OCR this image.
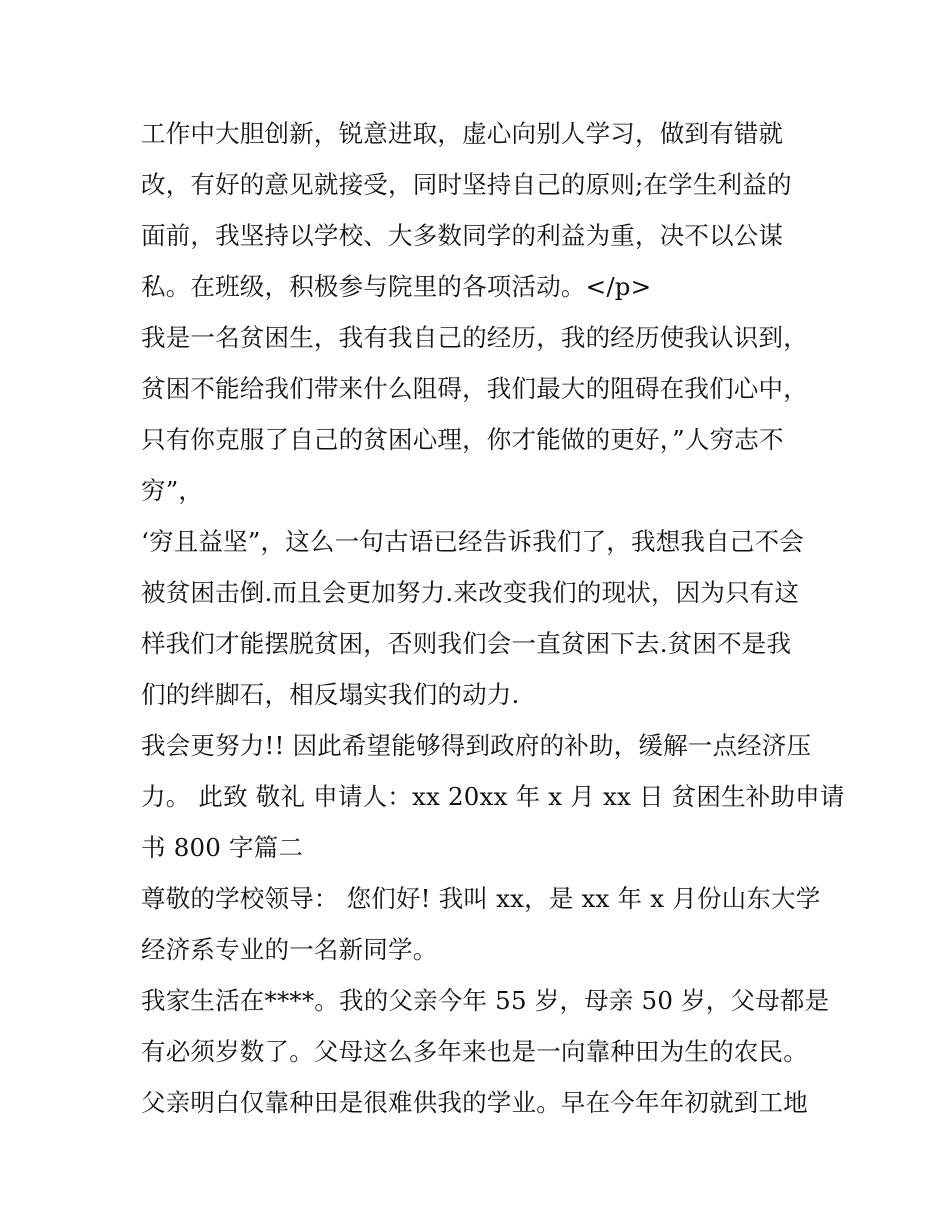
工作中大胆创新，锐意进取，虚心向别人学习，做到有错就
改，有好的意见就接受，同时坚持自己的原则;在学生利益的
面前，我坚持以学校、大多数同学的利益为重，决不以公谋
私。在班级，积极参与院里的各项活动。</p>
我是一名贫困生，我有我自己的经历，我的经历使我认识到，
贫困不能给我们带来什么阻碍，我们最大的阻碍在我们心中，
只有你克服了自己的贫困心理，你才能做的更好，”人穷志不
穷”，
‘穷且益坚”，这么一句古语已经告诉我们了，我想我自己不会
被贫困击倒.而且会更加努力.来改变我们的现状，因为只有这
样我们才能摆脱贫困，否则我们会一直贫困下去.贫困不是我
们的绊脚石，相反塌实我们的动力.
我会更努力!! 因此希望能够得到政府的补助，缓解一点经济压
力。 此致 敬礼 申请人：xx 20xx 年 x 月 xx 日 贫困生补助申请
书 800 字篇二
尊敬的学校领导： 您们好! 我叫 xx，是 xx 年 x 月份山东大学
经济系专业的一名新同学。
我家生活在****。我的父亲今年 55 岁，母亲 50 岁，父母都是
有必须岁数了。父母这么多年来也是一向靠种田为生的农民。
父亲明白仅靠种田是很难供我的学业。早在今年年初就到工地
